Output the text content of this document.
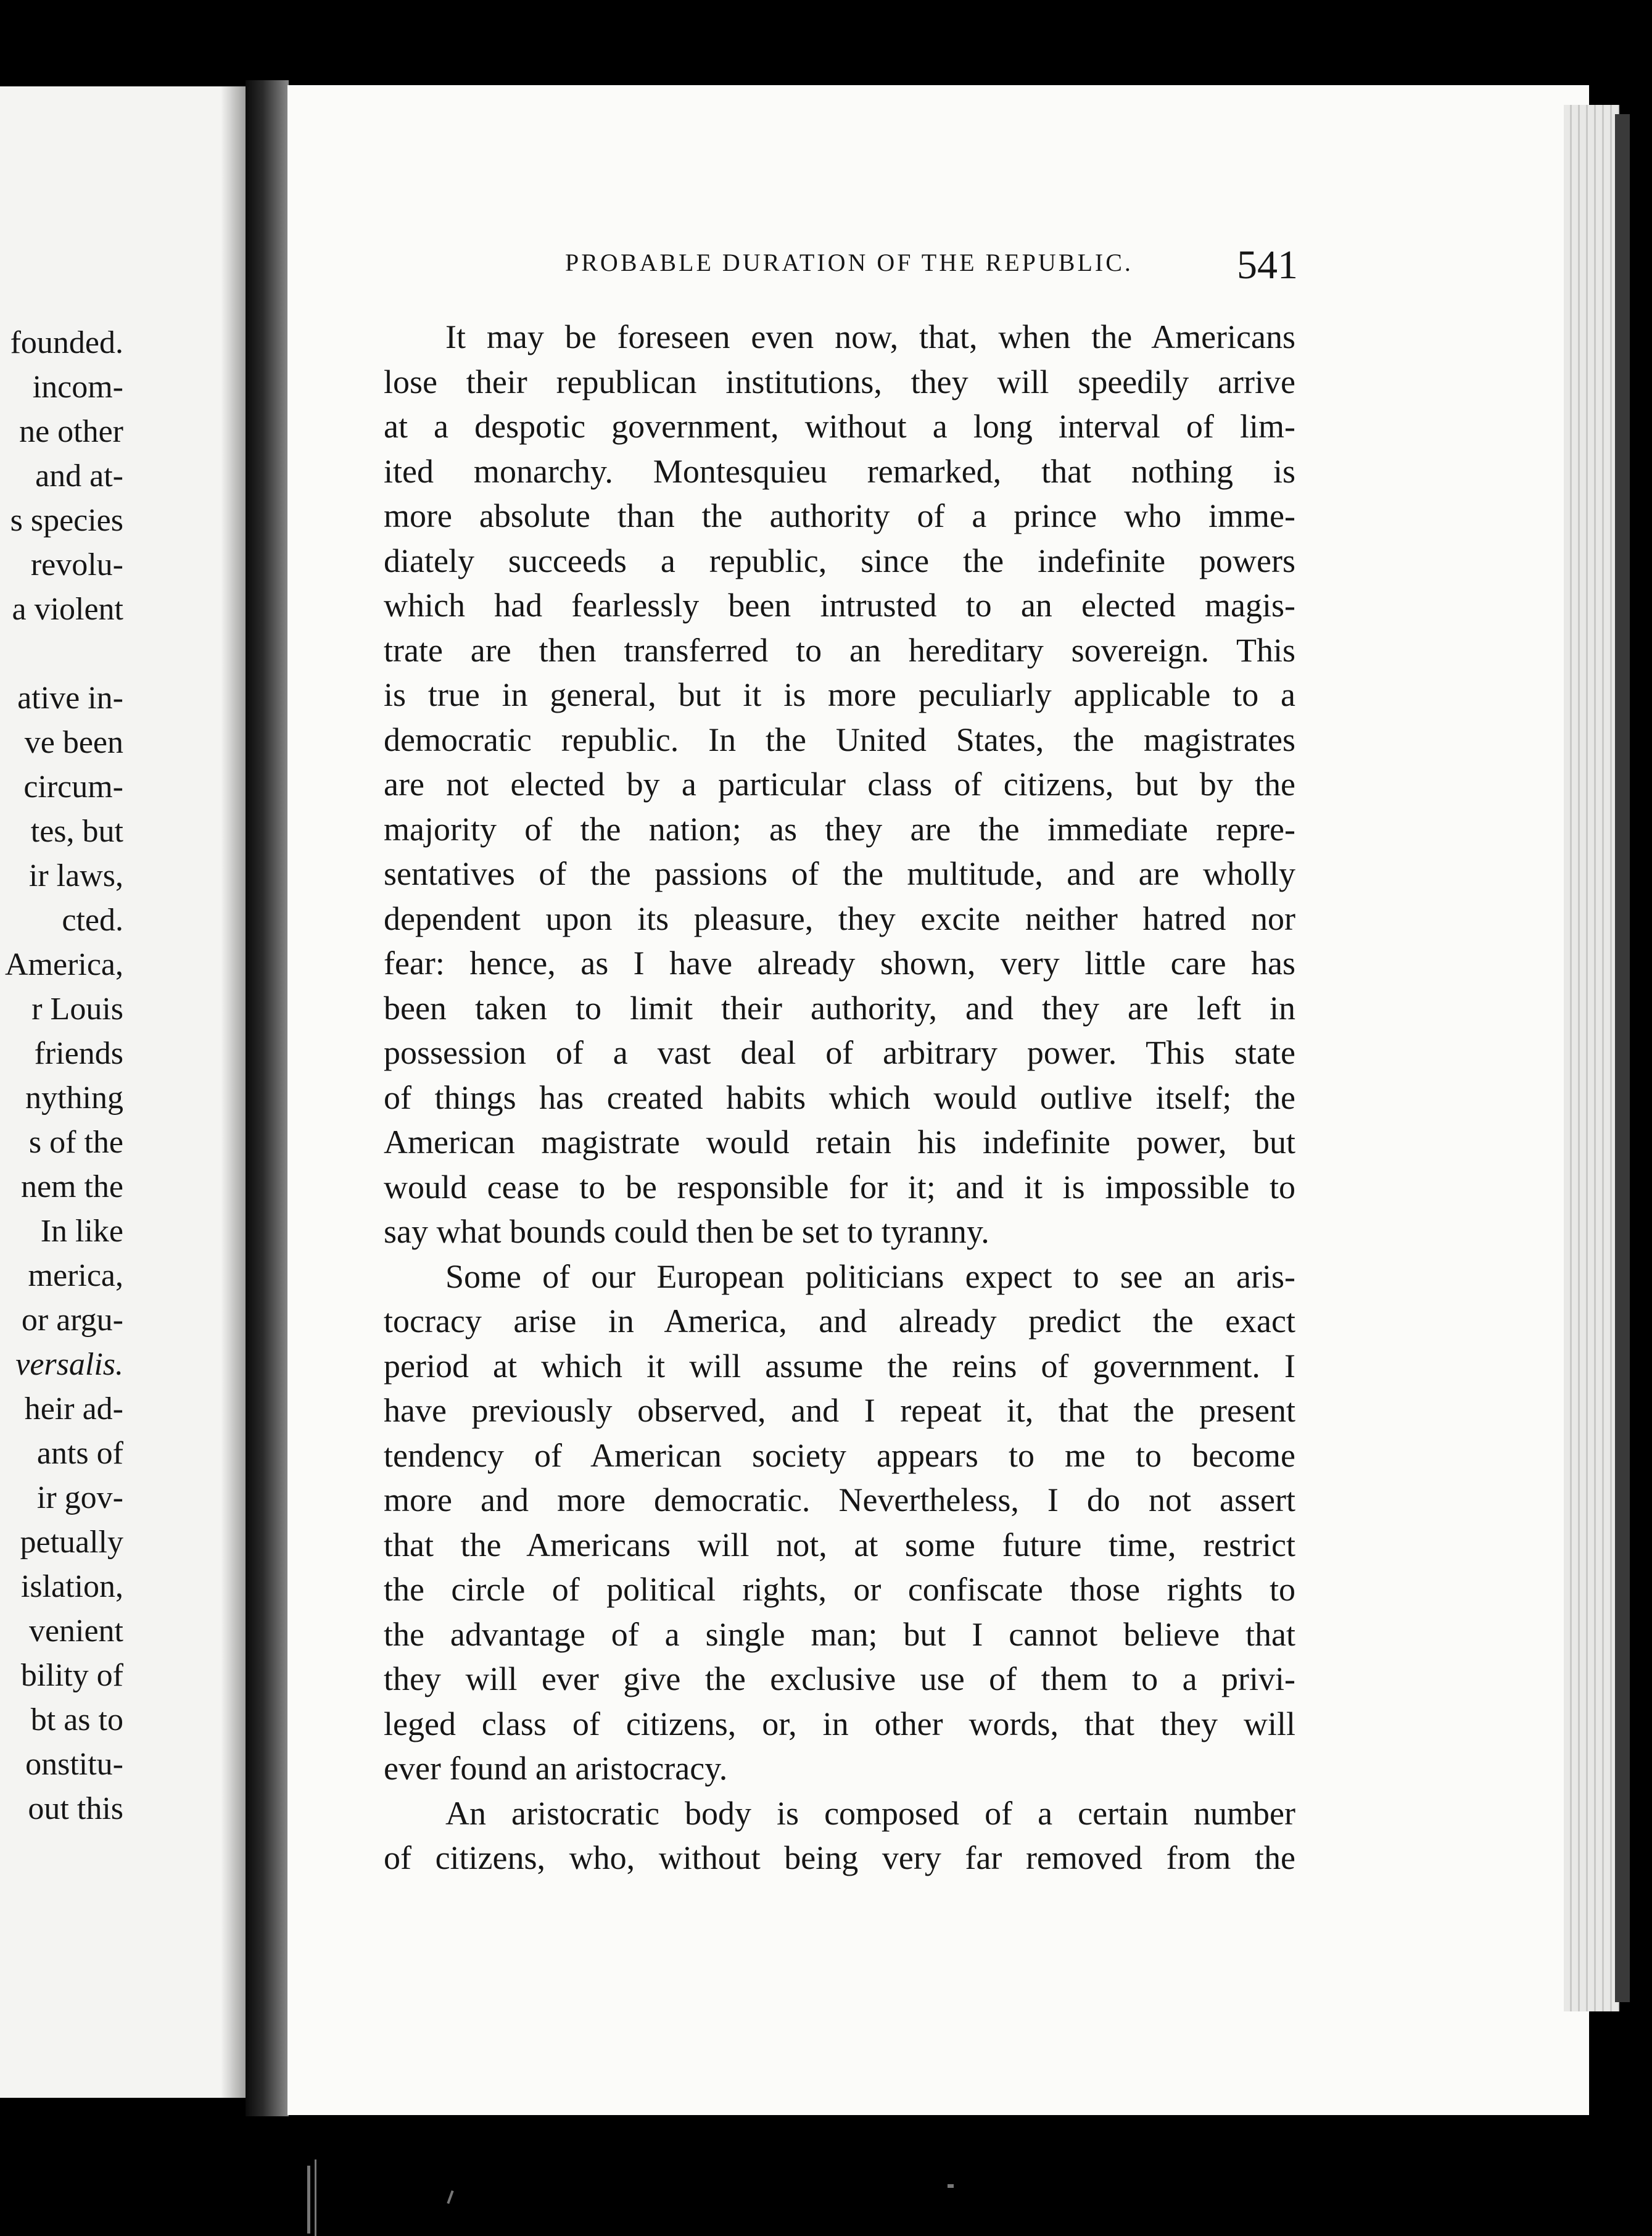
founded.
incom-
ne other
and at-
s species
revolu-
a violent
ative in-
ve been
circum-
tes, but
ir laws,
cted.
America,
r Louis
friends
nything
s of the
nem the
In like
merica,
or argu-
versalis.
heir ad-
ants of
ir gov-
petually
islation,
venient
bility of
bt as to
onstitu-
out this
PROBABLE DURATION OF THE REPUBLIC.	541
It may be foreseen even now, that, when the Americans
lose their republican institutions, they will speedily arrive
at a despotic government, without a long interval of lim-
ited monarchy. Montesquieu remarked, that nothing is
more absolute than the authority of a prince who imme-
diately succeeds a republic, since the indefinite powers
which had fearlessly been intrusted to an elected magis-
trate are then transferred to an hereditary sovereign. This
is true in general, but it is more peculiarly applicable to a
democratic republic. In the United States, the magistrates
are not elected by a particular class of citizens, but by the
majority of the nation; as they are the immediate repre-
sentatives of the passions of the multitude, and are wholly
dependent upon its pleasure, they excite neither hatred nor
fear: hence, as I have already shown, very little care has
been taken to limit their authority, and they are left in
possession of a vast deal of arbitrary power. This state
of things has created habits which would outlive itself; the
American magistrate would retain his indefinite power, but
would cease to be responsible for it; and it is impossible to
say what bounds could then be set to tyranny.
Some of our European politicians expect to see an aris-
tocracy arise in America, and already predict the exact
period at which it will assume the reins of government. I
have previously observed, and I repeat it, that the present
tendency of American society appears to me to become
more and more democratic. Nevertheless, I do not assert
that the Americans will not, at some future time, restrict
the circle of political rights, or confiscate those rights to
the advantage of a single man; but I cannot believe that
they will ever give the exclusive use of them to a privi-
leged class of citizens, or, in other words, that they will
ever found an aristocracy.
An aristocratic body is composed of a certain number
of citizens, who, without being very far removed from the
